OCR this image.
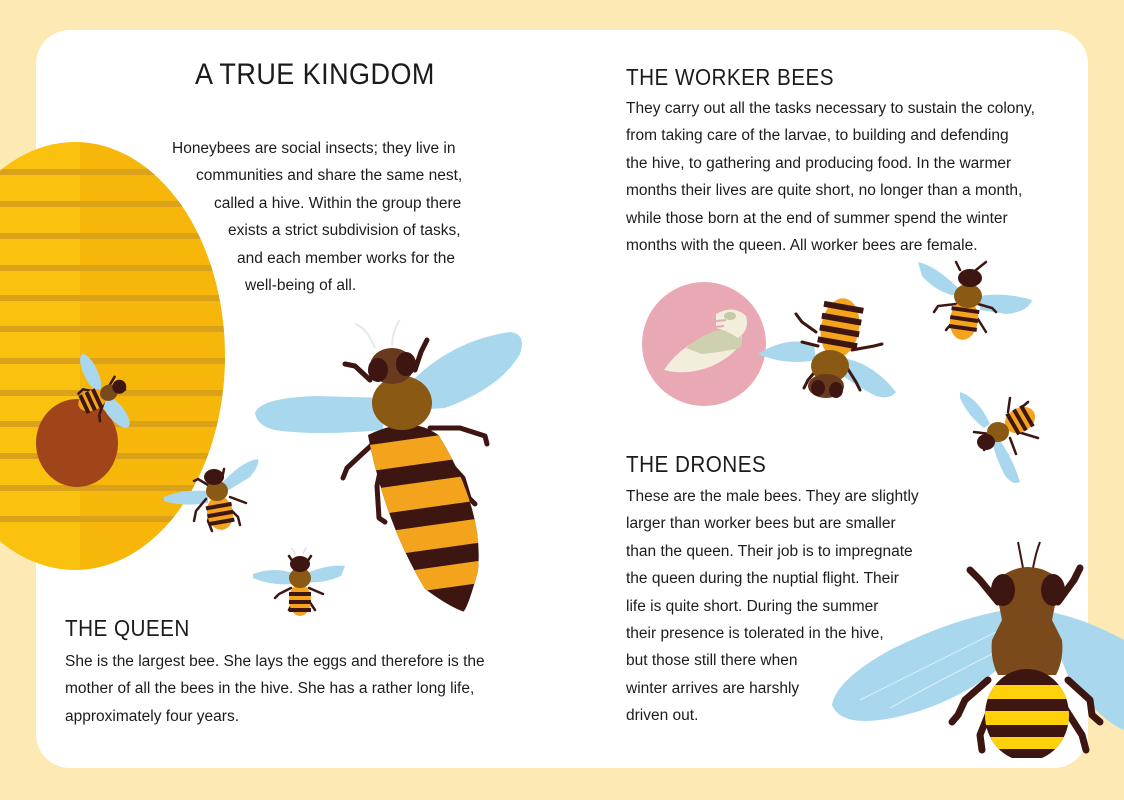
A TRUE KINGDOM
Honeybees are social insects; they live in
communities and share the same nest,
called a hive. Within the group there
exists a strict subdivision of tasks,
and each member works for the
well-being of all.
THE QUEEN
She is the largest bee. She lays the eggs and therefore is the
mother of all the bees in the hive. She has a rather long life,
approximately four years.
THE WORKER BEES
They carry out all the tasks necessary to sustain the colony,
from taking care of the larvae, to building and defending
the hive, to gathering and producing food. In the warmer
months their lives are quite short, no longer than a month,
while those born at the end of summer spend the winter
months with the queen. All worker bees are female.
THE DRONES
These are the male bees. They are slightly
larger than worker bees but are smaller
than the queen. Their job is to impregnate
the queen during the nuptial flight. Their
life is quite short. During the summer
their presence is tolerated in the hive,
but those still there when
winter arrives are harshly
driven out.
